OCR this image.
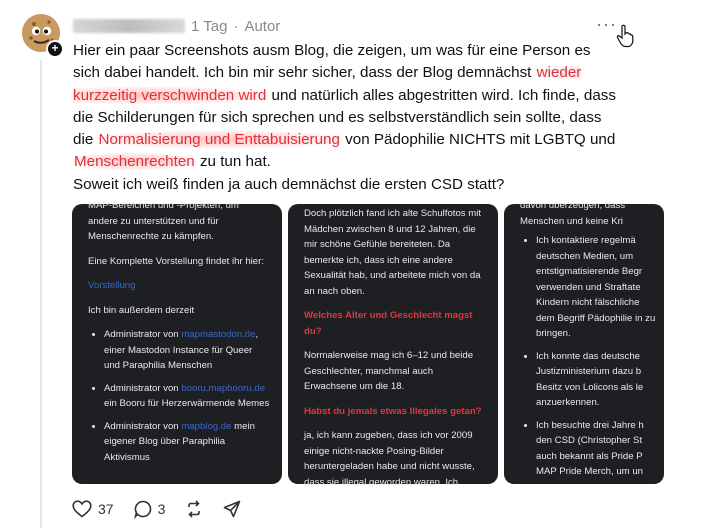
+
1 Tag · Autor	···

Hier ein paar Screenshots ausm Blog, die zeigen, um was für eine Person es sich dabei handelt. Ich bin mir sehr sicher, dass der Blog demnächst wieder kurzzeitig verschwinden wird und natürlich alles abgestritten wird. Ich finde, dass die Schilderungen für sich sprechen und es selbstverständlich sein sollte, dass die Normalisierung und Enttabuisierung von Pädophilie NICHTS mit LGBTQ und Menschenrechten zu tun hat.

Soweit ich weiß finden ja auch demnächst die ersten CSD statt?

MAP-Bereichen und -Projekten, um andere zu unterstützen und für Menschenrechte zu kämpfen.

Eine Komplette Vorstellung findet ihr hier:

Vorstellung

Ich bin außerdem derzeit

• Administrator von mapmastodon.de, einer Mastodon Instance für Queer und Paraphilia Menschen
• Administrator von booru.mapbooru.de ein Booru für Herzerwärmende Memes
• Administrator von mapblog.de mein eigener Blog über Paraphilia Aktivismus

Doch plötzlich fand ich alte Schulfotos mit Mädchen zwischen 8 und 12 Jahren, die mir schöne Gefühle bereiteten. Da bemerkte ich, dass ich eine andere Sexualität hab, und arbeitete mich von da an nach oben.

Welches Alter und Geschlecht magst du?

Normalerweise mag ich 6–12 und beide Geschlechter, manchmal auch Erwachsene um die 18.

Habst du jemals etwas Illegales getan?

ja, ich kann zugeben, dass ich vor 2009 einige nicht-nackte Posing-Bilder heruntergeladen habe und nicht wusste, dass sie illegal geworden waren. Ich

davon überzeugen, dass

Menschen und keine Kri

• Ich kontaktiere regelmä deutschen Medien, um entstigmatisierende Begr verwenden und Straftate Kindern nicht fälschliche dem Begriff Pädophilie in zu bringen.
• Ich konnte das deutsche Justizministerium dazu b Besitz von Lolicons als le anzuerkennen.
• Ich besuchte drei Jahre h den CSD (Christopher St auch bekannt als Pride P MAP Pride Merch, um un
37	3
